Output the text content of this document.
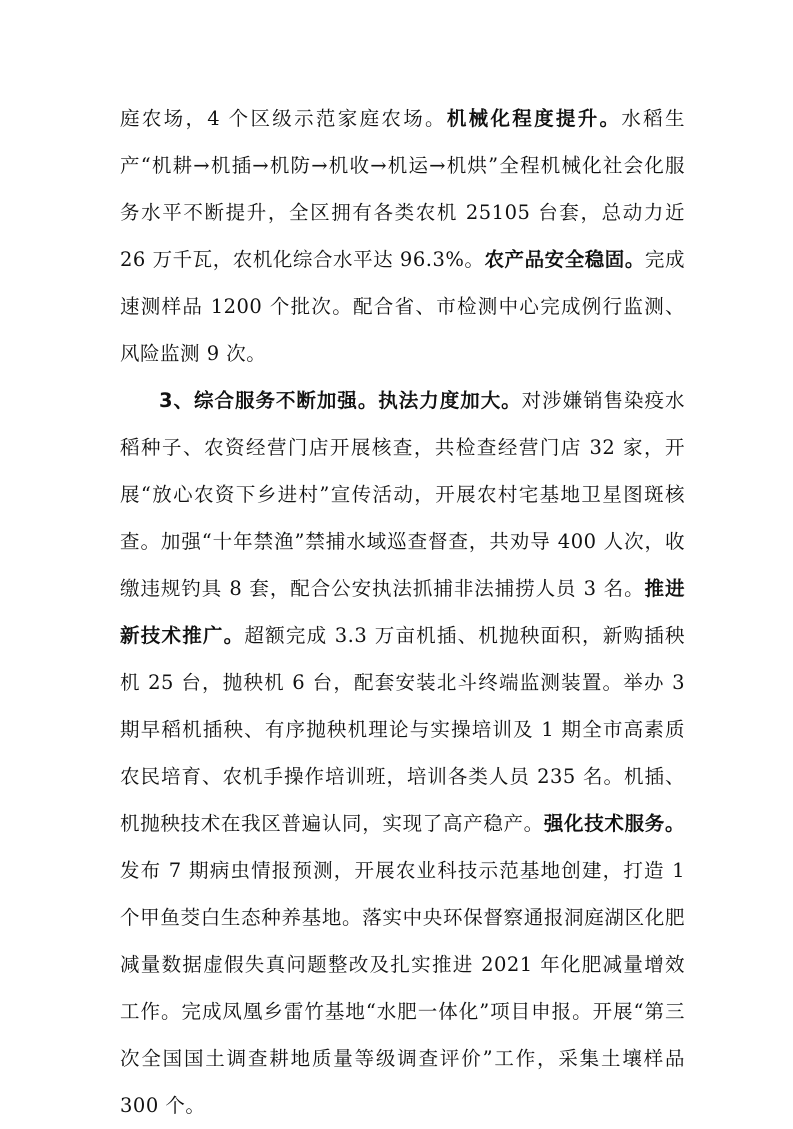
庭农场，4 个区级示范家庭农场。机械化程度提升。水稻生产“机耕→机插→机防→机收→机运→机烘”全程机械化社会化服务水平不断提升，全区拥有各类农机 25105 台套，总动力近 26 万千瓦，农机化综合水平达 96.3%。农产品安全稳固。完成速测样品 1200 个批次。配合省、市检测中心完成例行监测、风险监测 9 次。

3、综合服务不断加强。执法力度加大。对涉嫌销售染疫水稻种子、农资经营门店开展核查，共检查经营门店 32 家，开展“放心农资下乡进村”宣传活动，开展农村宅基地卫星图斑核查。加强“十年禁渔”禁捕水域巡查督查，共劝导 400 人次，收缴违规钓具 8 套，配合公安执法抓捕非法捕捞人员 3 名。推进新技术推广。超额完成 3.3 万亩机插、机抛秧面积，新购插秧机 25 台，抛秧机 6 台，配套安装北斗终端监测装置。举办 3 期早稻机插秧、有序抛秧机理论与实操培训及 1 期全市高素质农民培育、农机手操作培训班，培训各类人员 235 名。机插、机抛秧技术在我区普遍认同，实现了高产稳产。强化技术服务。发布 7 期病虫情报预测，开展农业科技示范基地创建，打造 1 个甲鱼茭白生态种养基地。落实中央环保督察通报洞庭湖区化肥减量数据虚假失真问题整改及扎实推进 2021 年化肥减量增效工作。完成凤凰乡雷竹基地“水肥一体化”项目申报。开展“第三次全国国土调查耕地质量等级调查评价”工作，采集土壤样品 300 个。
